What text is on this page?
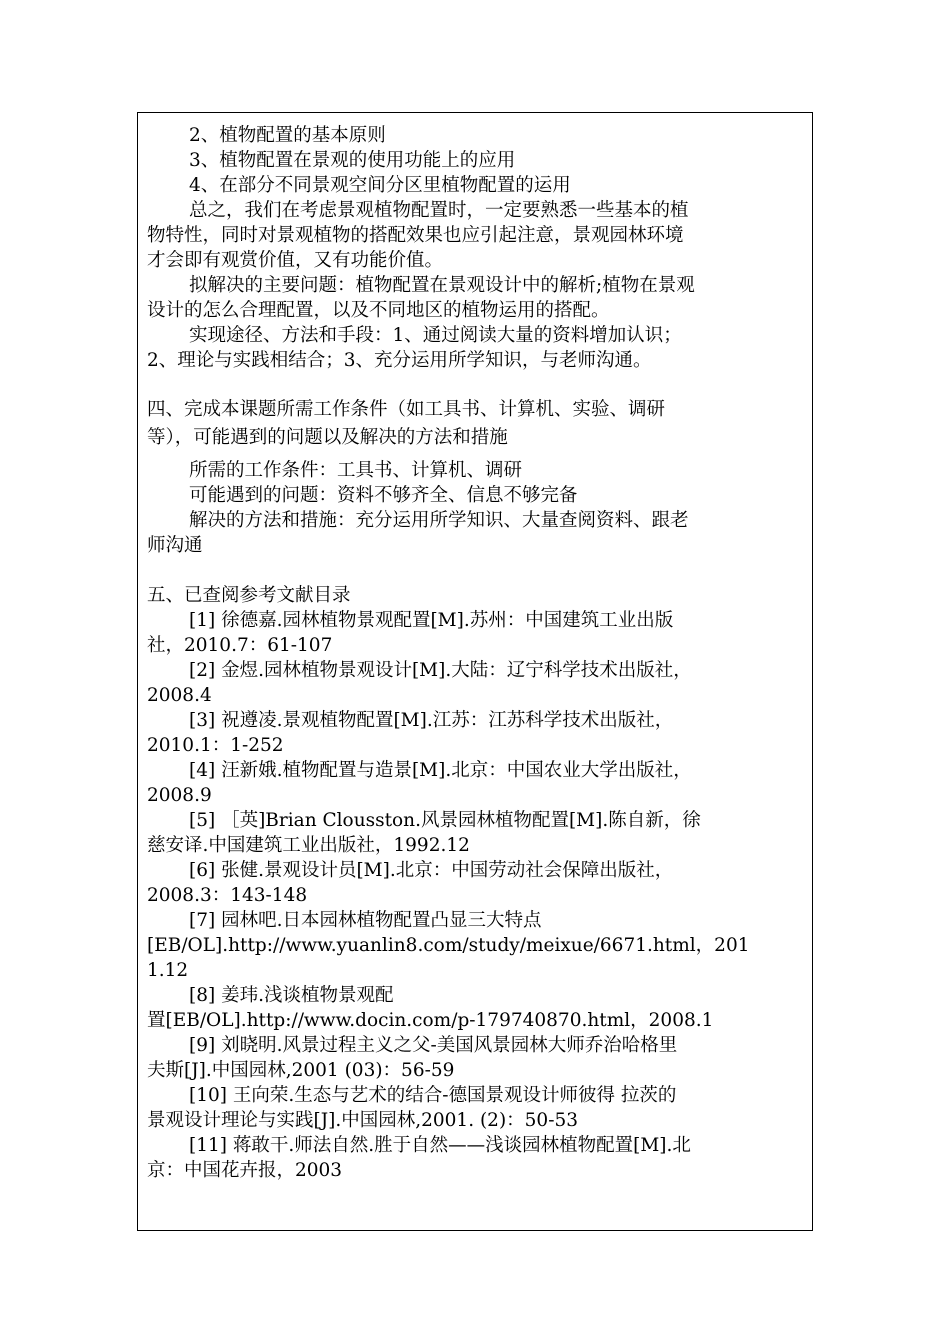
2、植物配置的基本原则
3、植物配置在景观的使用功能上的应用
4、在部分不同景观空间分区里植物配置的运用
总之，我们在考虑景观植物配置时，一定要熟悉一些基本的植
物特性，同时对景观植物的搭配效果也应引起注意，景观园林环境
才会即有观赏价值，又有功能价值。
拟解决的主要问题：植物配置在景观设计中的解析;植物在景观
设计的怎么合理配置，以及不同地区的植物运用的搭配。
实现途径、方法和手段：1、通过阅读大量的资料增加认识；
2、理论与实践相结合；3、充分运用所学知识，与老师沟通。
四、完成本课题所需工作条件（如工具书、计算机、实验、调研
等），可能遇到的问题以及解决的方法和措施
所需的工作条件：工具书、计算机、调研
可能遇到的问题：资料不够齐全、信息不够完备
解决的方法和措施：充分运用所学知识、大量查阅资料、跟老
师沟通
五、已查阅参考文献目录
[1] 徐德嘉.园林植物景观配置[M].苏州：中国建筑工业出版
社，2010.7：61-107
[2] 金煜.园林植物景观设计[M].大陆：辽宁科学技术出版社，
2008.4
[3] 祝遵凌.景观植物配置[M].江苏：江苏科学技术出版社，
2010.1：1-252
[4] 汪新娥.植物配置与造景[M].北京：中国农业大学出版社，
2008.9
[5] ［英]Brian Clousston.风景园林植物配置[M].陈自新，徐
慈安译.中国建筑工业出版社，1992.12
[6] 张健.景观设计员[M].北京：中国劳动社会保障出版社，
2008.3：143-148
[7] 园林吧.日本园林植物配置凸显三大特点
[EB/OL].http://www.yuanlin8.com/study/meixue/6671.html，201
1.12
[8] 姜玮.浅谈植物景观配
置[EB/OL].http://www.docin.com/p-179740870.html，2008.1
[9] 刘晓明.风景过程主义之父-美国风景园林大师乔治哈格里
夫斯[J].中国园林,2001 (03)：56-59
[10] 王向荣.生态与艺术的结合-德国景观设计师彼得 拉茨的
景观设计理论与实践[J].中国园林,2001. (2)：50-53
[11] 蒋敢干.师法自然.胜于自然——浅谈园林植物配置[M].北
京：中国花卉报，2003
